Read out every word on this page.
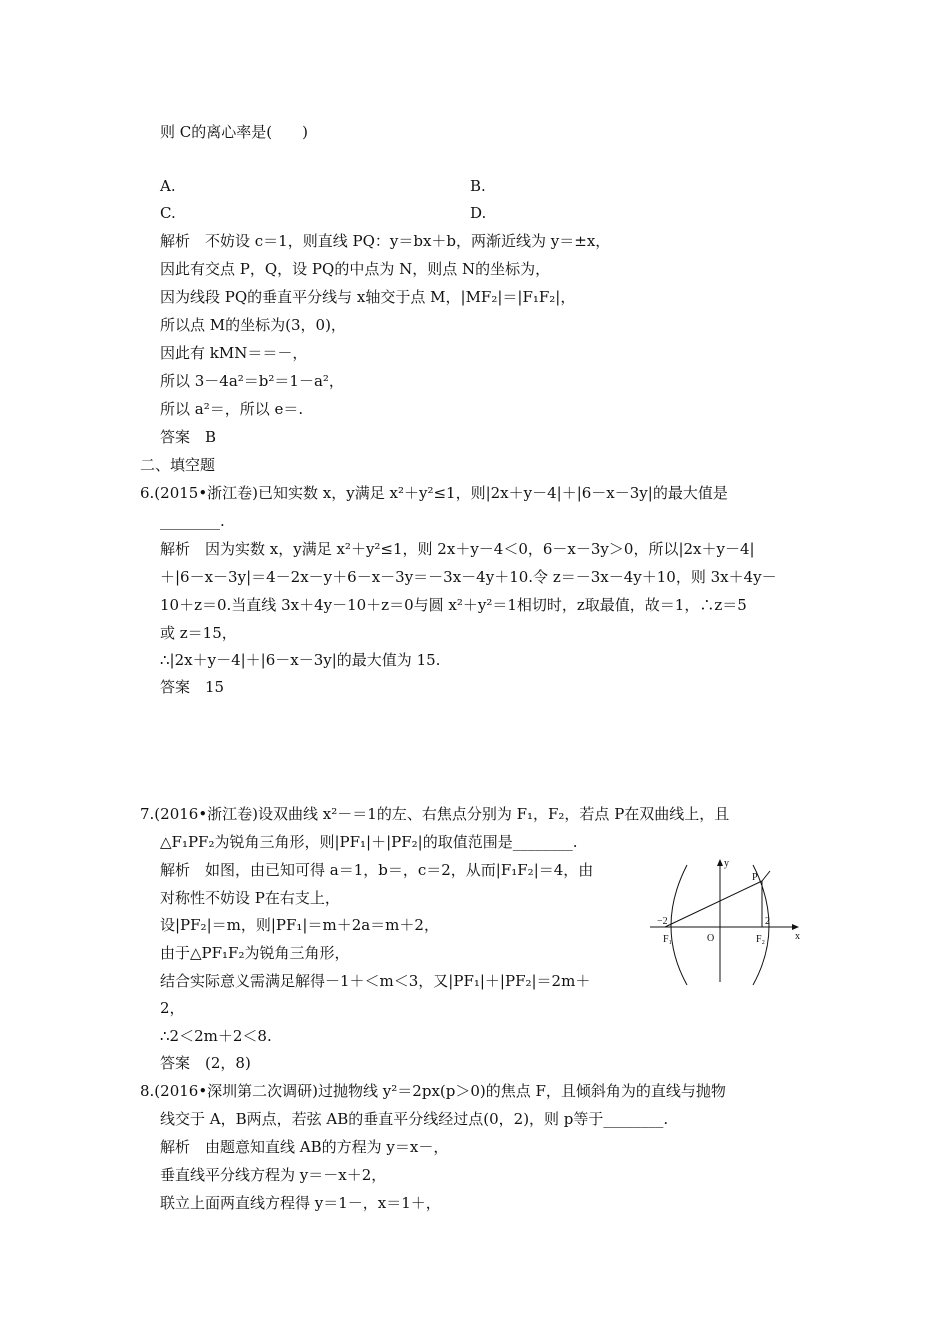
则 C的离心率是(　　)
A.	B.
C.	D.
解析　不妨设 c＝1，则直线 PQ：y＝bx＋b，两渐近线为 y＝±x，
因此有交点 P，Q，设 PQ的中点为 N，则点 N的坐标为，
因为线段 PQ的垂直平分线与 x轴交于点 M，|MF₂|＝|F₁F₂|，
所以点 M的坐标为(3，0)，
因此有 kMN＝＝－，
所以 3－4a²＝b²＝1－a²，
所以 a²＝，所以 e＝.
答案　B
二、填空题
6.(2015•浙江卷)已知实数 x，y满足 x²＋y²≤1，则|2x＋y－4|＋|6－x－3y|的最大值是
________.
解析　因为实数 x，y满足 x²＋y²≤1，则 2x＋y－4＜0，6－x－3y＞0，所以|2x＋y－4|
＋|6－x－3y|＝4－2x－y＋6－x－3y＝－3x－4y＋10.令 z＝－3x－4y＋10，则 3x＋4y－
10＋z＝0.当直线 3x＋4y－10＋z＝0与圆 x²＋y²＝1相切时，z取最值，故＝1，∴z＝5
或 z＝15，
∴|2x＋y－4|＋|6－x－3y|的最大值为 15.
答案　15
7.(2016•浙江卷)设双曲线 x²－＝1的左、右焦点分别为 F₁，F₂，若点 P在双曲线上，且
△F₁PF₂为锐角三角形，则|PF₁|＋|PF₂|的取值范围是________.
解析　如图，由已知可得 a＝1，b＝，c＝2，从而|F₁F₂|＝4，由
对称性不妨设 P在右支上，
设|PF₂|＝m，则|PF₁|＝m＋2a＝m＋2，
由于△PF₁F₂为锐角三角形，
结合实际意义需满足解得－1＋＜m＜3，又|PF₁|＋|PF₂|＝2m＋
2，
∴2＜2m＋2＜8.
答案　(2，8)
8.(2016•深圳第二次调研)过抛物线 y²＝2px(p＞0)的焦点 F，且倾斜角为的直线与抛物
线交于 A，B两点，若弦 AB的垂直平分线经过点(0，2)，则 p等于________.
解析　由题意知直线 AB的方程为 y＝x－，
垂直线平分线方程为 y＝－x＋2，
联立上面两直线方程得 y＝1－，x＝1＋，
y
x
P
O
F₁	F₂
−2	2
